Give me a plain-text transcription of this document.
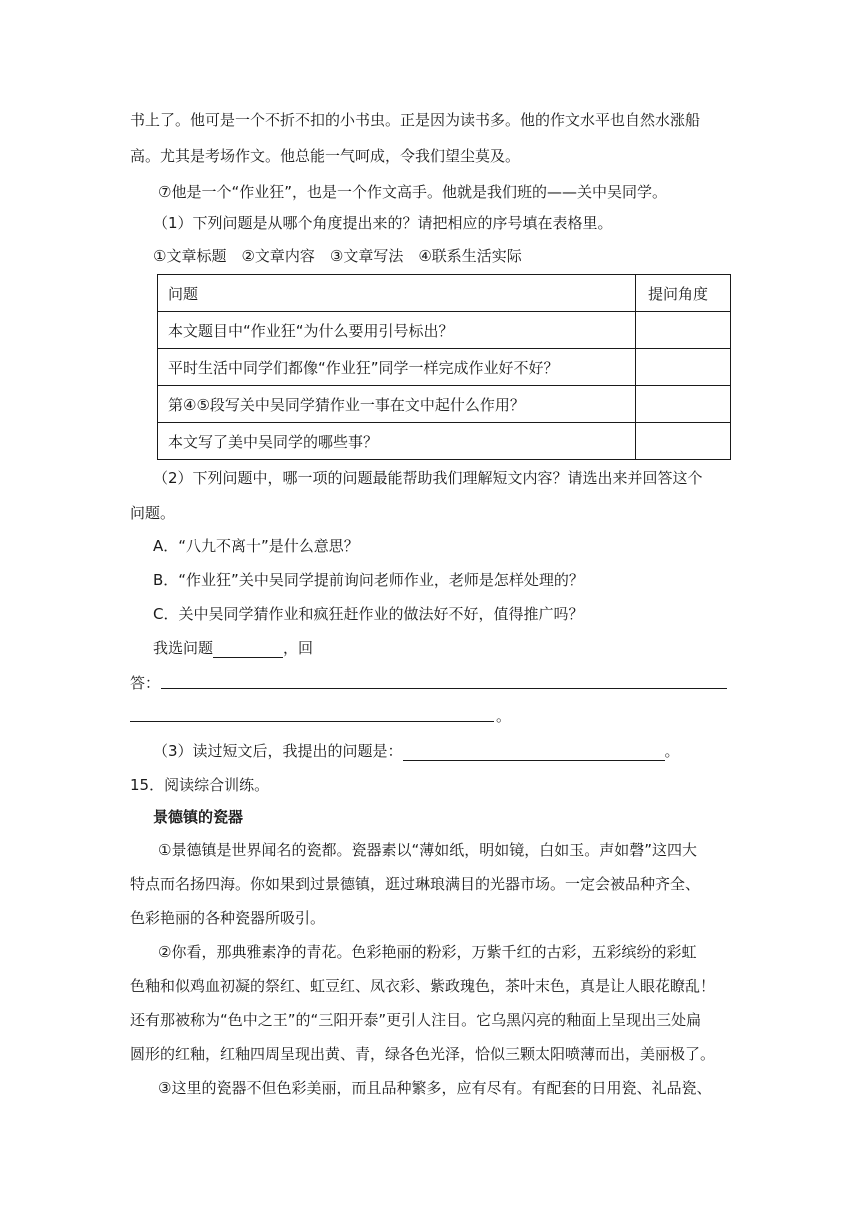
书上了。他可是一个不折不扣的小书虫。正是因为读书多。他的作文水平也自然水涨船
高。尤其是考场作文。他总能一气呵成，令我们望尘莫及。
⑦他是一个“作业狂”，也是一个作文高手。他就是我们班的——关中吴同学。
（1）下列问题是从哪个角度提出来的？请把相应的序号填在表格里。
①文章标题　②文章内容　③文章写法　④联系生活实际
问题	提问角度
本文题目中“作业狂“为什么要用引号标出？	
平时生活中同学们都像“作业狂”同学一样完成作业好不好？	
第④⑤段写关中吴同学猜作业一事在文中起什么作用？	
本文写了美中吴同学的哪些事？	
（2）下列问题中，哪一项的问题最能帮助我们理解短文内容？请选出来并回答这个
问题。
A．“八九不离十”是什么意思？
B．“作业狂”关中吴同学提前询问老师作业，老师是怎样处理的？
C．关中吴同学猜作业和疯狂赶作业的做法好不好，值得推广吗？
我选问题	，回
答：
。
（3）读过短文后，我提出的问题是：	。
15．阅读综合训练。
景德镇的瓷器
①景德镇是世界闻名的瓷都。瓷器素以“薄如纸，明如镜，白如玉。声如磬”这四大
特点而名扬四海。你如果到过景德镇，逛过琳琅满目的光器市场。一定会被品种齐全、
色彩艳丽的各种瓷器所吸引。
②你看，那典雅素净的青花。色彩艳丽的粉彩，万紫千红的古彩，五彩缤纷的彩虹
色釉和似鸡血初凝的祭红、虹豆红、凤衣彩、紫政瑰色，茶叶末色，真是让人眼花瞭乱！
还有那被称为“色中之王”的“三阳开泰”更引人注目。它乌黑闪亮的釉面上呈现出三处扁
圆形的红釉，红釉四周呈现出黄、青，绿各色光泽，恰似三颗太阳喷薄而出，美丽极了。
③这里的瓷器不但色彩美丽，而且品种繁多，应有尽有。有配套的日用瓷、礼品瓷、
